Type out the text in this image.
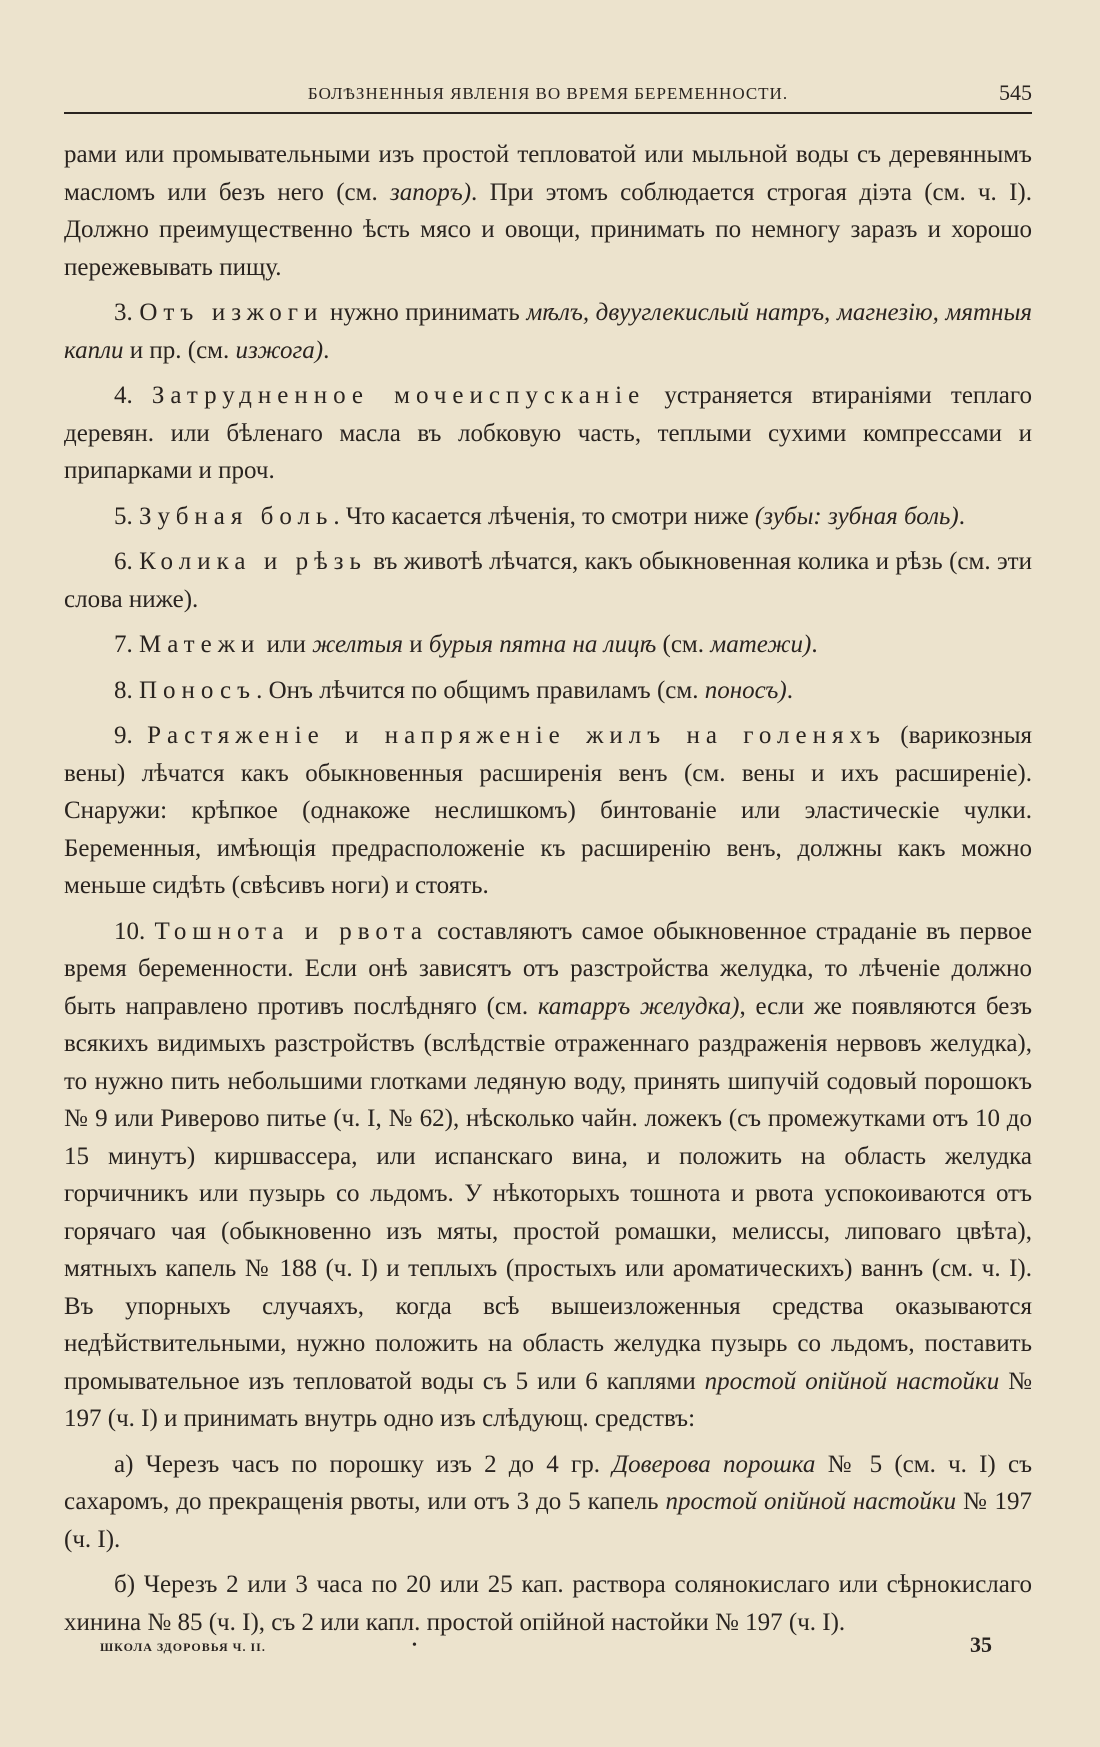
БОЛѢЗНЕННЫЯ ЯВЛЕНІЯ ВО ВРЕМЯ БЕРЕМЕННОСТИ.	545

рами или промывательными изъ простой тепловатой или мыльной воды съ деревяннымъ масломъ или безъ него (см. запоръ). При этомъ соблюдается строгая діэта (см. ч. I). Должно преимущественно ѣсть мясо и овощи, принимать по немногу заразъ и хорошо пережевывать пищу.

3. Отъ изжоги нужно принимать мѣлъ, двууглекислый натръ, магнезію, мятныя капли и пр. (см. изжога).

4. Затрудненное мочеиспусканіе устраняется втираніями теплаго деревян. или бѣленаго масла въ лобковую часть, теплыми сухими компрессами и припарками и проч.

5. Зубная боль. Что касается лѣченія, то смотри ниже (зубы: зубная боль).

6. Колика и рѣзь въ животѣ лѣчатся, какъ обыкновенная колика и рѣзь (см. эти слова ниже).

7. Матежи или желтыя и бурыя пятна на лицѣ (см. матежи).

8. Поносъ. Онъ лѣчится по общимъ правиламъ (см. поносъ).

9. Растяженіе и напряженіе жилъ на голеняхъ (варикозныя вены) лѣчатся какъ обыкновенныя расширенія венъ (см. вены и ихъ расширеніе). Снаружи: крѣпкое (однакоже неслишкомъ) бинтованіе или эластическіе чулки. Беременныя, имѣющія предрасположеніе къ расширенію венъ, должны какъ можно меньше сидѣть (свѣсивъ ноги) и стоять.

10. Тошнота и рвота составляютъ самое обыкновенное страданіе въ первое время беременности. Если онѣ зависятъ отъ разстройства желудка, то лѣченіе должно быть направлено противъ послѣдняго (см. катарръ желудка), если же появляются безъ всякихъ видимыхъ разстройствъ (вслѣдствіе отраженнаго раздраженія нервовъ желудка), то нужно пить небольшими глотками ледяную воду, принять шипучій содовый порошокъ № 9 или Риверово питье (ч. I, № 62), нѣсколько чайн. ложекъ (съ промежутками отъ 10 до 15 минутъ) киршвассера, или испанскаго вина, и положить на область желудка горчичникъ или пузырь со льдомъ. У нѣкоторыхъ тошнота и рвота успокоиваются отъ горячаго чая (обыкновенно изъ мяты, простой ромашки, мелиссы, липоваго цвѣта), мятныхъ капель № 188 (ч. I) и теплыхъ (простыхъ или ароматическихъ) ваннъ (см. ч. I). Въ упорныхъ случаяхъ, когда всѣ вышеизложенныя средства оказываются недѣйствительными, нужно положить на область желудка пузырь со льдомъ, поставить промывательное изъ тепловатой воды съ 5 или 6 каплями простой опійной настойки № 197 (ч. I) и принимать внутрь одно изъ слѣдующ. средствъ:

а) Черезъ часъ по порошку изъ 2 до 4 гр. Доверова порошка № 5 (см. ч. I) съ сахаромъ, до прекращенія рвоты, или отъ 3 до 5 капель простой опійной настойки № 197 (ч. I).

б) Черезъ 2 или 3 часа по 20 или 25 кап. раствора солянокислаго или сѣрнокислаго хинина № 85 (ч. I), съ 2 или капл. простой опійной настойки № 197 (ч. I).

ШКОЛА ЗДОРОВЬЯ Ч. II.	•	35
